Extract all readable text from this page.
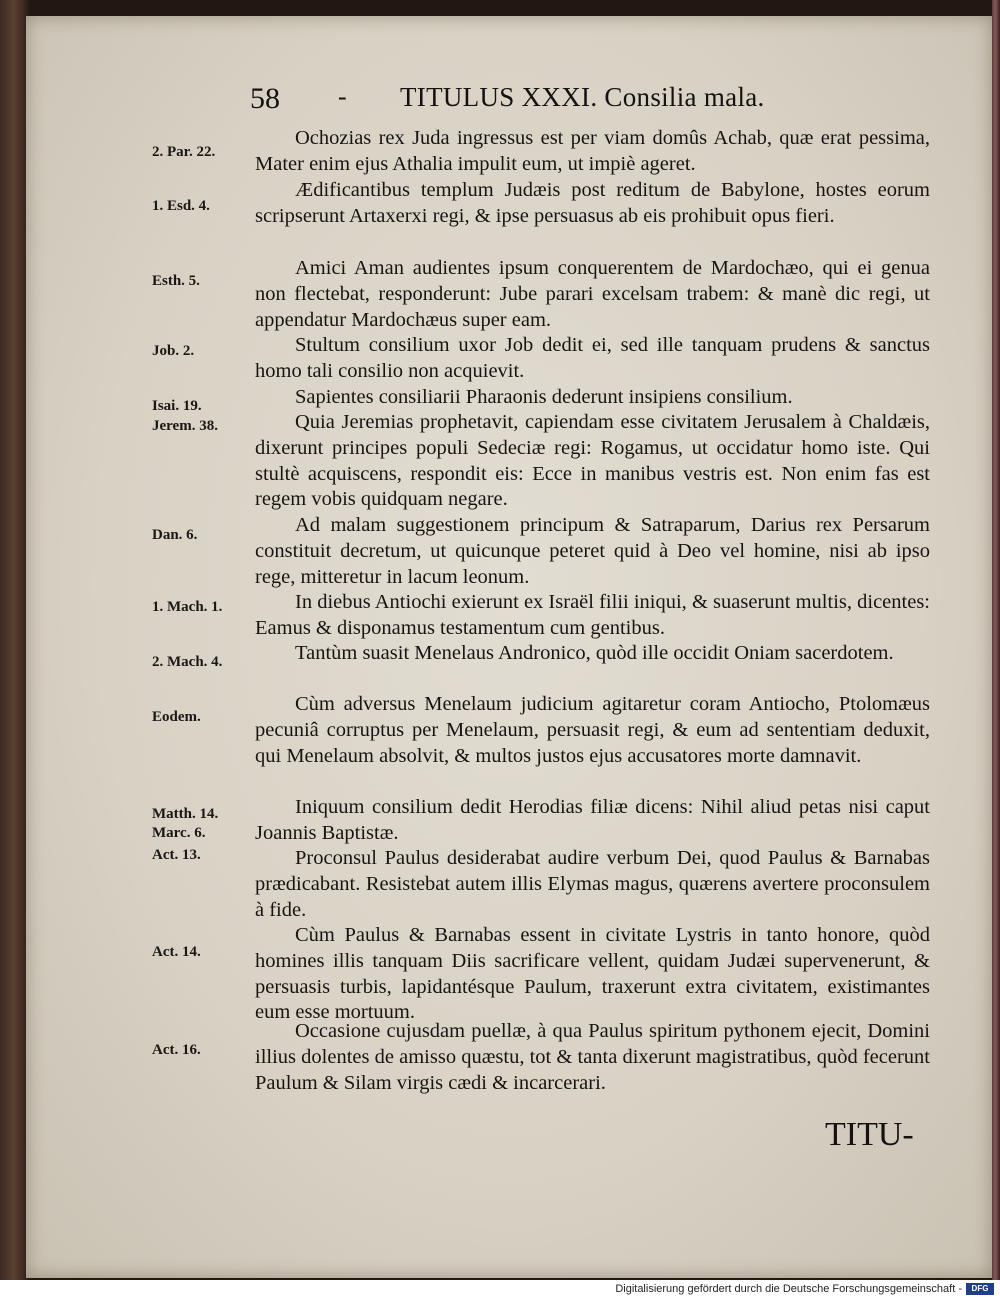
58 - TITULUS XXXI. Consilia mala.
2. Par. 22.
1. Esd. 4.
Esth. 5.
Job. 2.
Isai. 19.
Jerem. 38.
Dan. 6.
1. Mach. 1.
2. Mach. 4.
Eodem.
Matth. 14.
Marc. 6.
Act. 13.
Act. 14.
Act. 16.

Ochozias rex Juda ingressus est per viam domûs Achab, quæ erat pessima, Mater enim ejus Athalia impulit eum, ut impiè ageret.

Ædificantibus templum Judæis post reditum de Babylone, hostes eorum scripserunt Artaxerxi regi, & ipse persuasus ab eis prohibuit opus fieri.

Amici Aman audientes ipsum conquerentem de Mardochæo, qui ei genua non flectebat, responderunt: Jube parari excelsam trabem: & manè dic regi, ut appendatur Mardochæus super eam.

Stultum consilium uxor Job dedit ei, sed ille tanquam prudens & sanctus homo tali consilio non acquievit.

Sapientes consiliarii Pharaonis dederunt insipiens consilium.

Quia Jeremias prophetavit, capiendam esse civitatem Jerusalem à Chaldæis, dixerunt principes populi Sedeciæ regi: Rogamus, ut occidatur homo iste. Qui stultè acquiscens, respondit eis: Ecce in manibus vestris est. Non enim fas est regem vobis quidquam negare.

Ad malam suggestionem principum & Satraparum, Darius rex Persarum constituit decretum, ut quicunque peteret quid à Deo vel homine, nisi ab ipso rege, mitteretur in lacum leonum.

In diebus Antiochi exierunt ex Israël filii iniqui, & suaserunt multis, dicentes: Eamus & disponamus testamentum cum gentibus.

Tantùm suasit Menelaus Andronico, quòd ille occidit Oniam sacerdotem.

Cùm adversus Menelaum judicium agitaretur coram Antiocho, Ptolomæus pecuniâ corruptus per Menelaum, persuasit regi, & eum ad sententiam deduxit, qui Menelaum absolvit, & multos justos ejus accusatores morte damnavit.

Iniquum consilium dedit Herodias filiæ dicens: Nihil aliud petas nisi caput Joannis Baptistæ.

Proconsul Paulus desiderabat audire verbum Dei, quod Paulus & Barnabas prædicabant. Resistebat autem illis Elymas magus, quærens avertere proconsulem à fide.

Cùm Paulus & Barnabas essent in civitate Lystris in tanto honore, quòd homines illis tanquam Diis sacrificare vellent, quidam Judæi supervenerunt, & persuasis turbis, lapidantésque Paulum, traxerunt extra civitatem, existimantes eum esse mortuum.

Occasione cujusdam puellæ, à qua Paulus spiritum pythonem ejecit, Domini illius dolentes de amisso quæstu, tot & tanta dixerunt magistratibus, quòd fecerunt Paulum & Silam virgis cædi & incarcerari.

TITU-
Digitalisierung gefördert durch die Deutsche Forschungsgemeinschaft -	DFG
